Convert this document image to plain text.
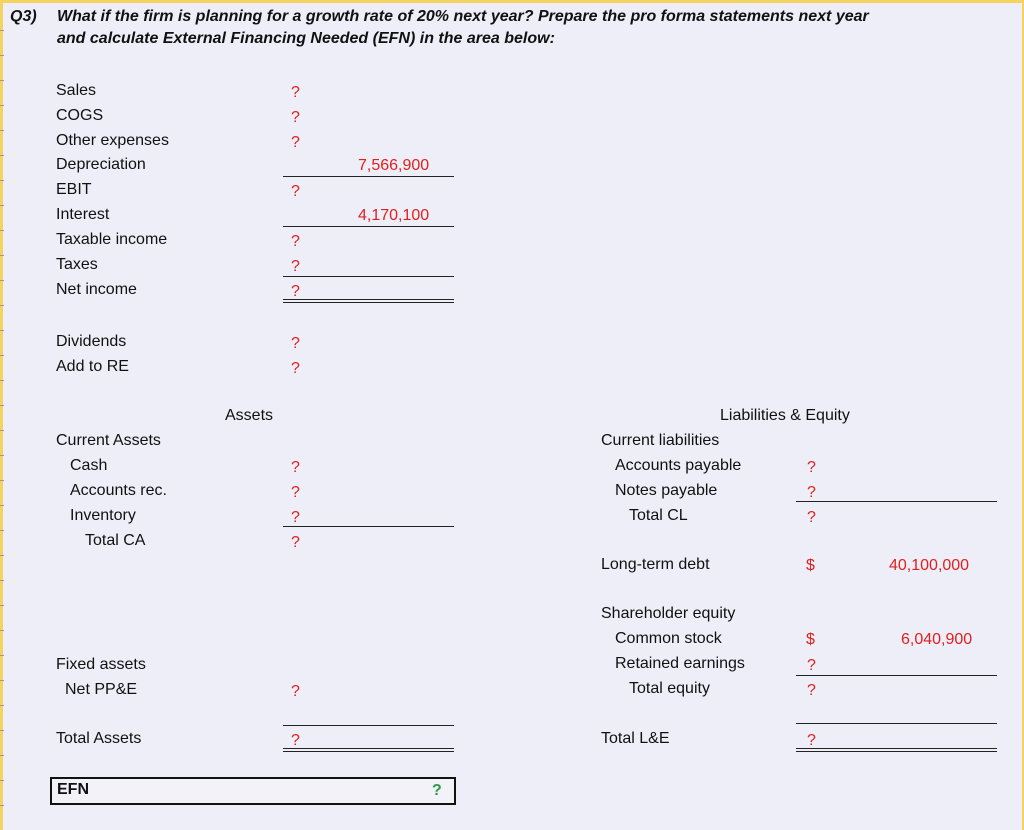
Q3) What if the firm is planning for a growth rate of 20% next year? Prepare the pro forma statements next year
and calculate External Financing Needed (EFN) in the area below:
Sales	?
COGS	?
Other expenses	?
Depreciation	7,566,900
EBIT	?
Interest	4,170,100
Taxable income	?
Taxes	?
Net income	?
Dividends	?
Add to RE	?
Assets
Current Assets
Cash	?
Accounts rec.	?
Inventory	?
Total CA	?
Fixed assets
Net PP&E	?
Total Assets	?
Liabilities & Equity
Current liabilities
Accounts payable	?
Notes payable	?
Total CL	?
Long-term debt	$	40,100,000
Shareholder equity
Common stock	$	6,040,900
Retained earnings	?
Total equity	?
Total L&E	?
EFN	?
